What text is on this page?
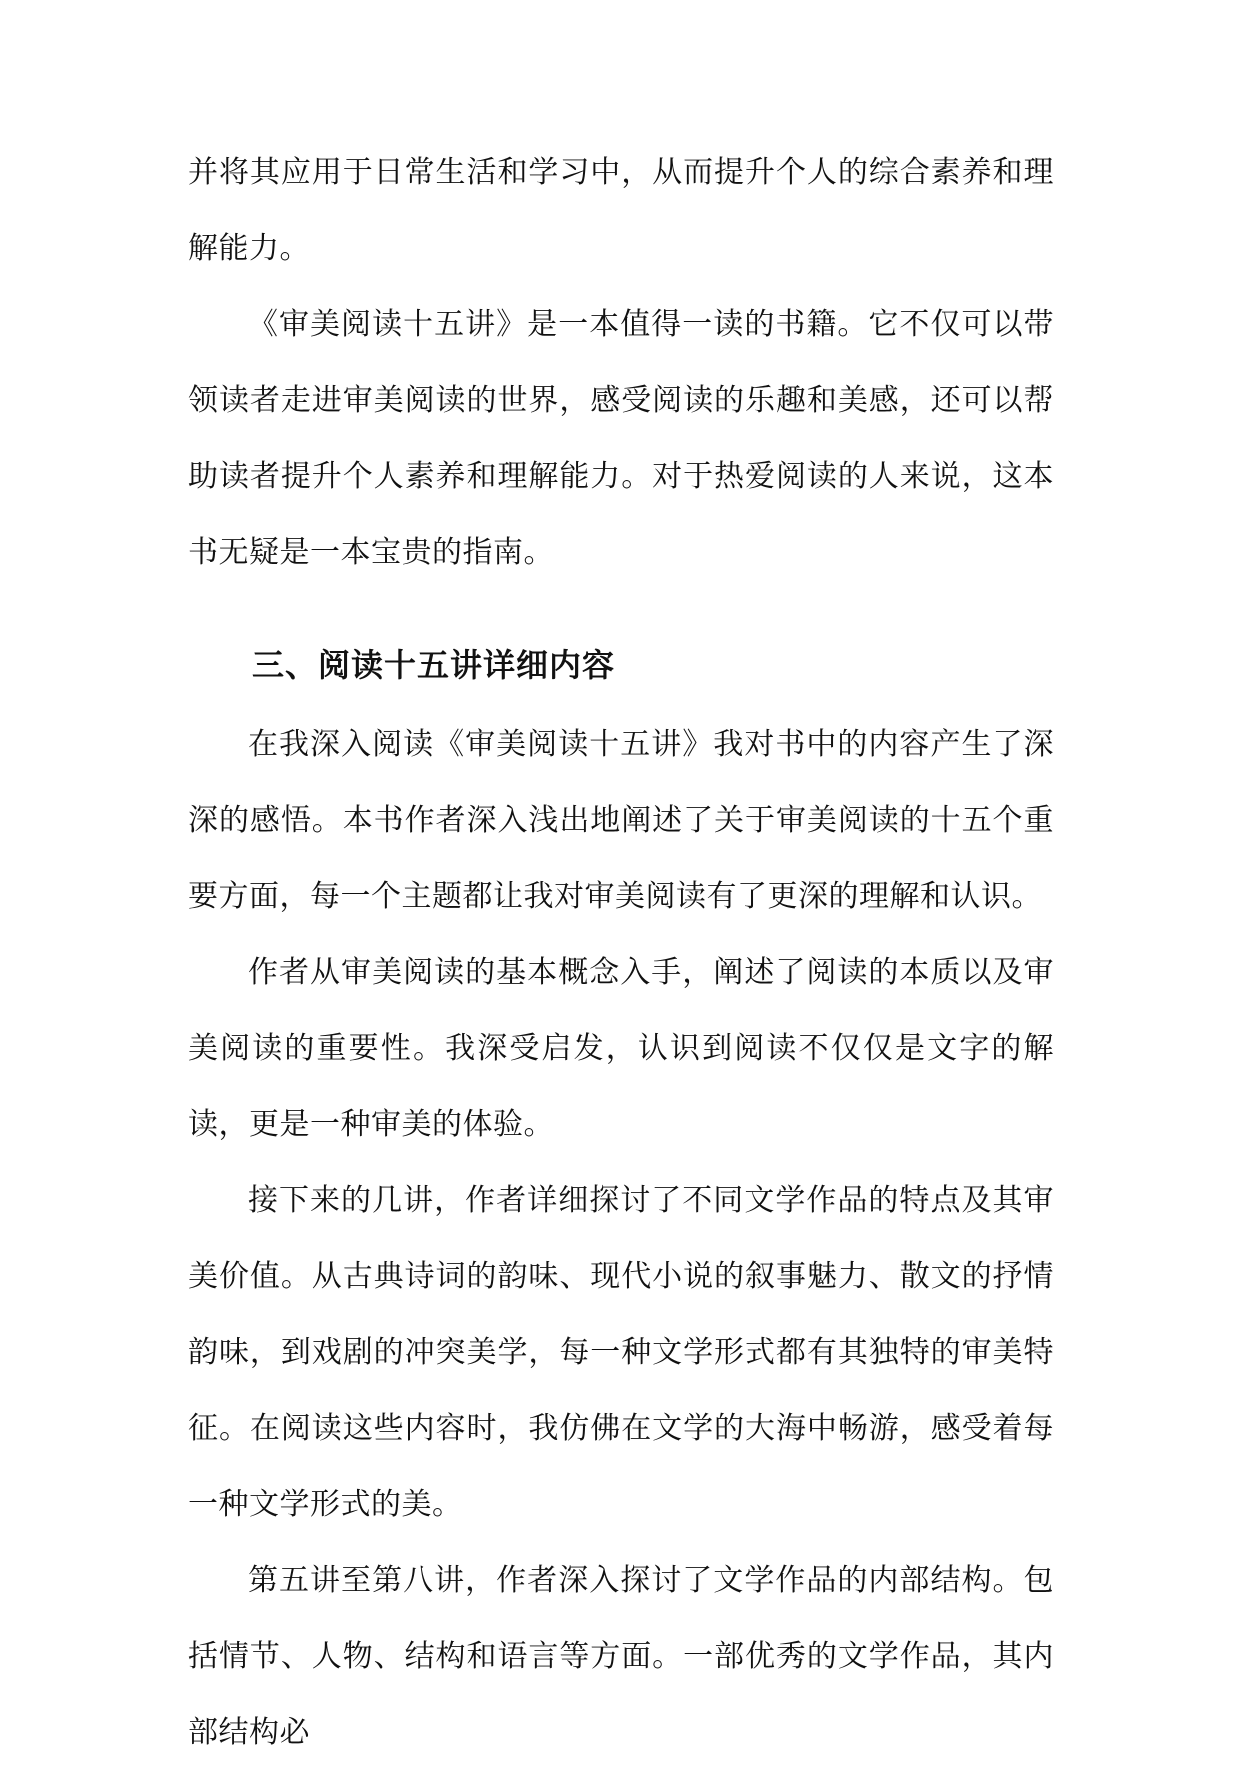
并将其应用于日常生活和学习中，从而提升个人的综合素养和理解能力。

《审美阅读十五讲》是一本值得一读的书籍。它不仅可以带领读者走进审美阅读的世界，感受阅读的乐趣和美感，还可以帮助读者提升个人素养和理解能力。对于热爱阅读的人来说，这本书无疑是一本宝贵的指南。

三、阅读十五讲详细内容

在我深入阅读《审美阅读十五讲》我对书中的内容产生了深深的感悟。本书作者深入浅出地阐述了关于审美阅读的十五个重要方面，每一个主题都让我对审美阅读有了更深的理解和认识。

作者从审美阅读的基本概念入手，阐述了阅读的本质以及审美阅读的重要性。我深受启发，认识到阅读不仅仅是文字的解读，更是一种审美的体验。

接下来的几讲，作者详细探讨了不同文学作品的特点及其审美价值。从古典诗词的韵味、现代小说的叙事魅力、散文的抒情韵味，到戏剧的冲突美学，每一种文学形式都有其独特的审美特征。在阅读这些内容时，我仿佛在文学的大海中畅游，感受着每一种文学形式的美。

第五讲至第八讲，作者深入探讨了文学作品的内部结构。包括情节、人物、结构和语言等方面。一部优秀的文学作品，其内部结构必
